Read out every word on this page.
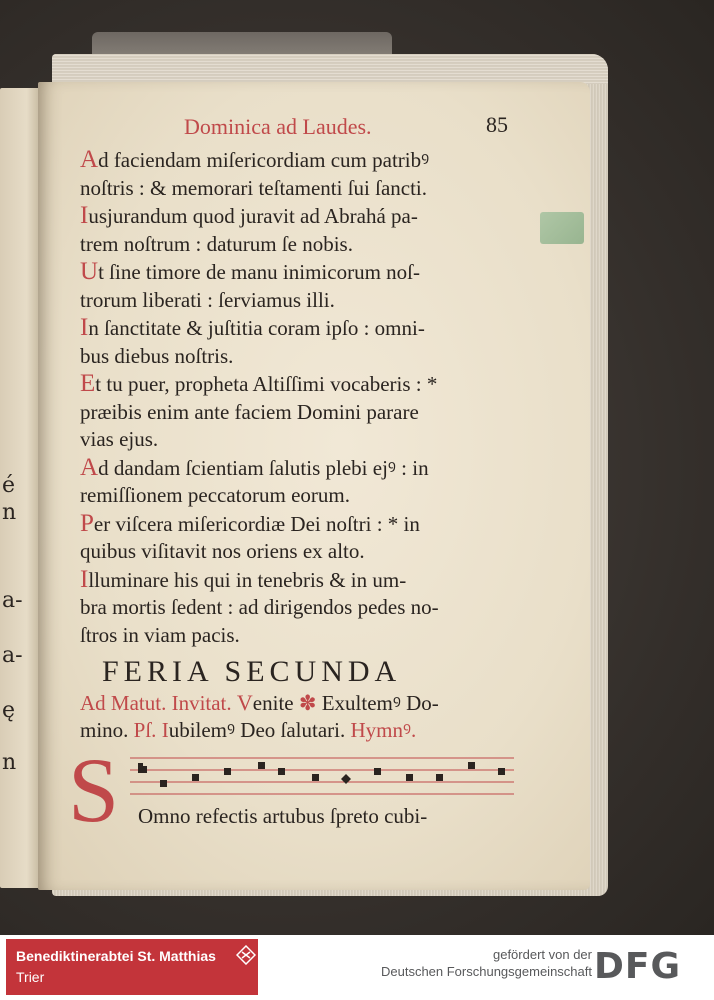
é
n
a-
a-
ę
n
Dominica ad Laudes.	85

Ad faciendam miſericordiam cum patribꝰ

noſtris : & memorari teſtamenti ſui ſancti.

Iusjurandum quod juravit ad Abrahá pa-

trem noſtrum : daturum ſe nobis.

Ut ſine timore de manu inimicorum noſ-

trorum liberati : ſerviamus illi.

In ſanctitate & juſtitia coram ipſo : omni-

bus diebus noſtris.

Et tu puer, propheta Altiſſimi vocaberis : *

præibis enim ante faciem Domini parare

vias ejus.

Ad dandam ſcientiam ſalutis plebi ejꝰ : in

remiſſionem peccatorum eorum.

Per viſcera miſericordiæ Dei noſtri : * in

quibus viſitavit nos oriens ex alto.

Illuminare his qui in tenebris & in um-

bra mortis ſedent : ad dirigendos pedes no-

ſtros in viam pacis.

FERIA SECUNDA

Ad Matut. Invitat. Venite ✽ Exultemꝰ Do-

mino. Pſ. Iubilemꝰ Deo ſalutari. Hymnꝰ.

S Omno refectis artubus ſpreto cubi-
Benediktinerabtei St. Matthias
Trier
gefördert von der
Deutschen Forschungsgemeinschaft DFG
